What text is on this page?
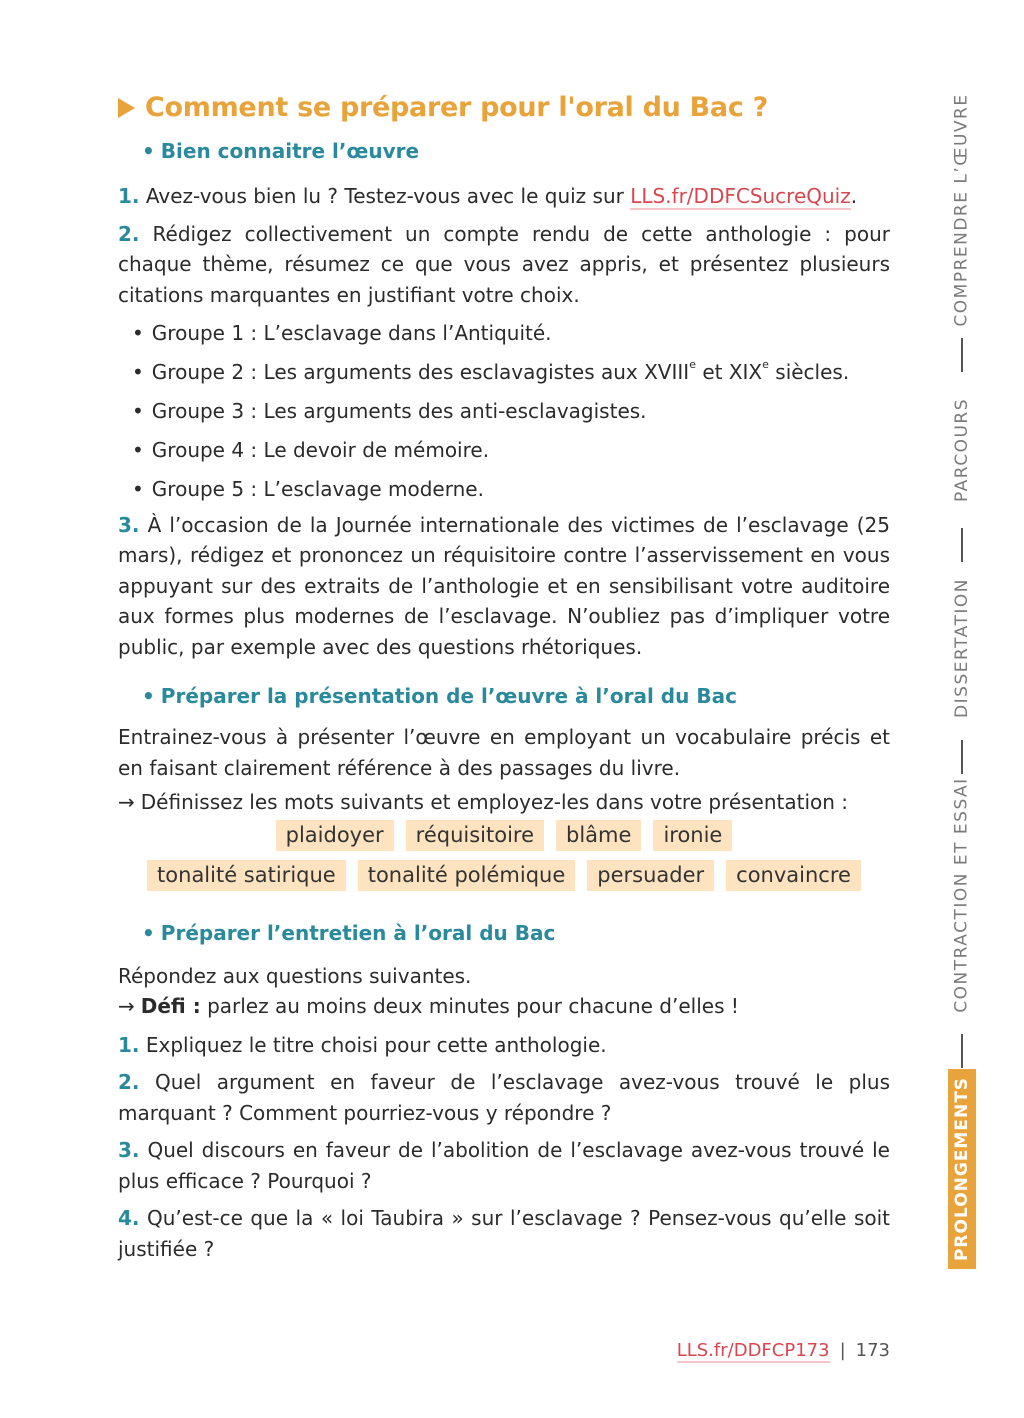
Comment se préparer pour l'oral du Bac ?
• Bien connaitre l’œuvre

1. Avez-vous bien lu ? Testez-vous avec le quiz sur LLS.fr/DDFCSucreQuiz.

2. Rédigez collectivement un compte rendu de cette anthologie : pour chaque thème, résumez ce que vous avez appris, et présentez plusieurs citations marquantes en justifiant votre choix.

• Groupe 1 : L’esclavage dans l’Antiquité.
• Groupe 2 : Les arguments des esclavagistes aux XVIIIe et XIXe siècles.
• Groupe 3 : Les arguments des anti-esclavagistes.
• Groupe 4 : Le devoir de mémoire.
• Groupe 5 : L’esclavage moderne.

3. À l’occasion de la Journée internationale des victimes de l’esclavage (25 mars), rédigez et prononcez un réquisitoire contre l’asservissement en vous appuyant sur des extraits de l’anthologie et en sensibilisant votre auditoire aux formes plus modernes de l’esclavage. N’oubliez pas d’impliquer votre public, par exemple avec des questions rhétoriques.

• Préparer la présentation de l’œuvre à l’oral du Bac

Entrainez-vous à présenter l’œuvre en employant un vocabulaire précis et en faisant clairement référence à des passages du livre.

→ Définissez les mots suivants et employez-les dans votre présentation :

plaidoyer	réquisitoire	blâme	ironie
tonalité satirique	tonalité polémique	persuader	convaincre
• Préparer l’entretien à l’oral du Bac

Répondez aux questions suivantes.

→ Défi : parlez au moins deux minutes pour chacune d’elles !

1. Expliquez le titre choisi pour cette anthologie.

2. Quel argument en faveur de l’esclavage avez-vous trouvé le plus marquant ? Comment pourriez-vous y répondre ?

3. Quel discours en faveur de l’abolition de l’esclavage avez-vous trouvé le plus efficace ? Pourquoi ?

4. Qu’est-ce que la « loi Taubira » sur l’esclavage ? Pensez-vous qu’elle soit justifiée ?

COMPRENDRE L’ŒUVRE
PARCOURS
DISSERTATION
CONTRACTION ET ESSAI
PROLONGEMENTS
LLS.fr/DDFCP173 | 173
